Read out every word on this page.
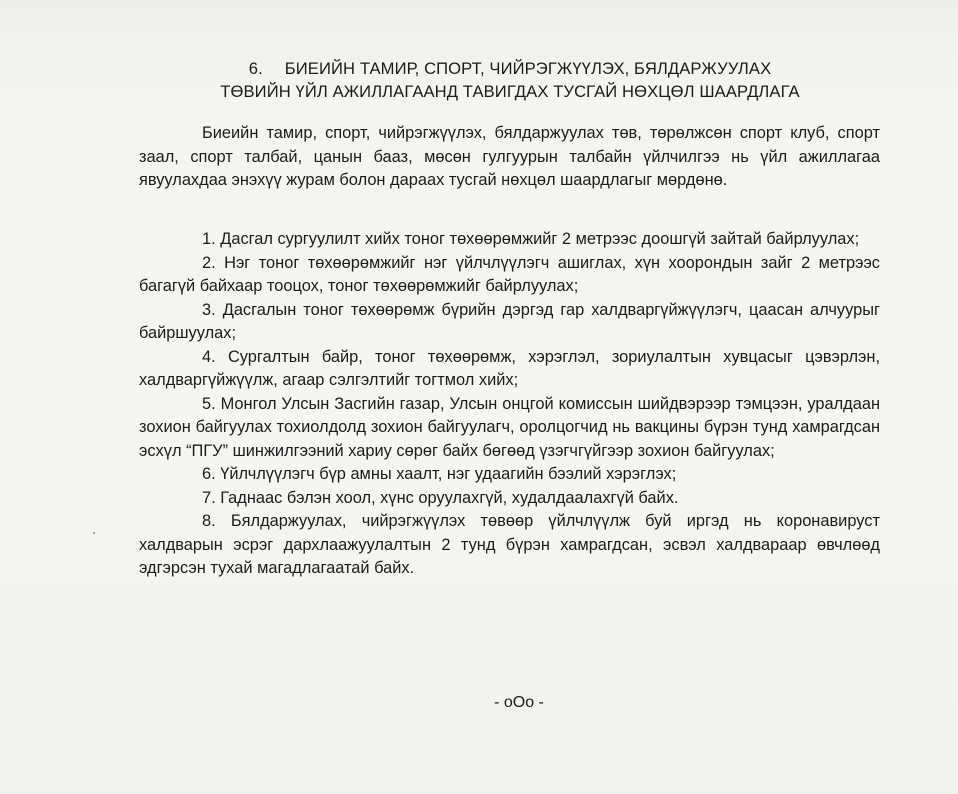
6. БИЕИЙН ТАМИР, СПОРТ, ЧИЙРЭГЖҮҮЛЭХ, БЯЛДАРЖУУЛАХ
ТӨВИЙН ҮЙЛ АЖИЛЛАГААНД ТАВИГДАХ ТУСГАЙ НӨХЦӨЛ ШААРДЛАГА

Биеийн тамир, спорт, чийрэгжүүлэх, бялдаржуулах төв, төрөлжсөн спорт клуб, спорт заал, спорт талбай, цанын бааз, мөсөн гулгуурын талбайн үйлчилгээ нь үйл ажиллагаа явуулахдаа энэхүү журам болон дараах тусгай нөхцөл шаардлагыг мөрдөнө.

1. Дасгал сургуулилт хийх тоног төхөөрөмжийг 2 метрээс доошгүй зайтай байрлуулах;

2. Нэг тоног төхөөрөмжийг нэг үйлчлүүлэгч ашиглах, хүн хоорондын зайг 2 метрээс багагүй байхаар тооцох, тоног төхөөрөмжийг байрлуулах;

3. Дасгалын тоног төхөөрөмж бүрийн дэргэд гар халдваргүйжүүлэгч, цаасан алчуурыг байршуулах;

4. Сургалтын байр, тоног төхөөрөмж, хэрэглэл, зориулалтын хувцасыг цэвэрлэн, халдваргүйжүүлж, агаар сэлгэлтийг тогтмол хийх;

5. Монгол Улсын Засгийн газар, Улсын онцгой комиссын шийдвэрээр тэмцээн, уралдаан зохион байгуулах тохиолдолд зохион байгуулагч, оролцогчид нь вакцины бүрэн тунд хамрагдсан эсхүл “ПГУ” шинжилгээний хариу сөрөг байх бөгөөд үзэгчгүйгээр зохион байгуулах;

6. Үйлчлүүлэгч бүр амны хаалт, нэг удаагийн бээлий хэрэглэх;

7. Гаднаас бэлэн хоол, хүнс оруулахгүй, худалдаалахгүй байх.

8. Бялдаржуулах, чийрэгжүүлэх төвөөр үйлчлүүлж буй иргэд нь коронавируст халдварын эсрэг дархлаажуулалтын 2 тунд бүрэн хамрагдсан, эсвэл халдвараар өвчлөөд эдгэрсэн тухай магадлагаатай байх.

- oOo -
